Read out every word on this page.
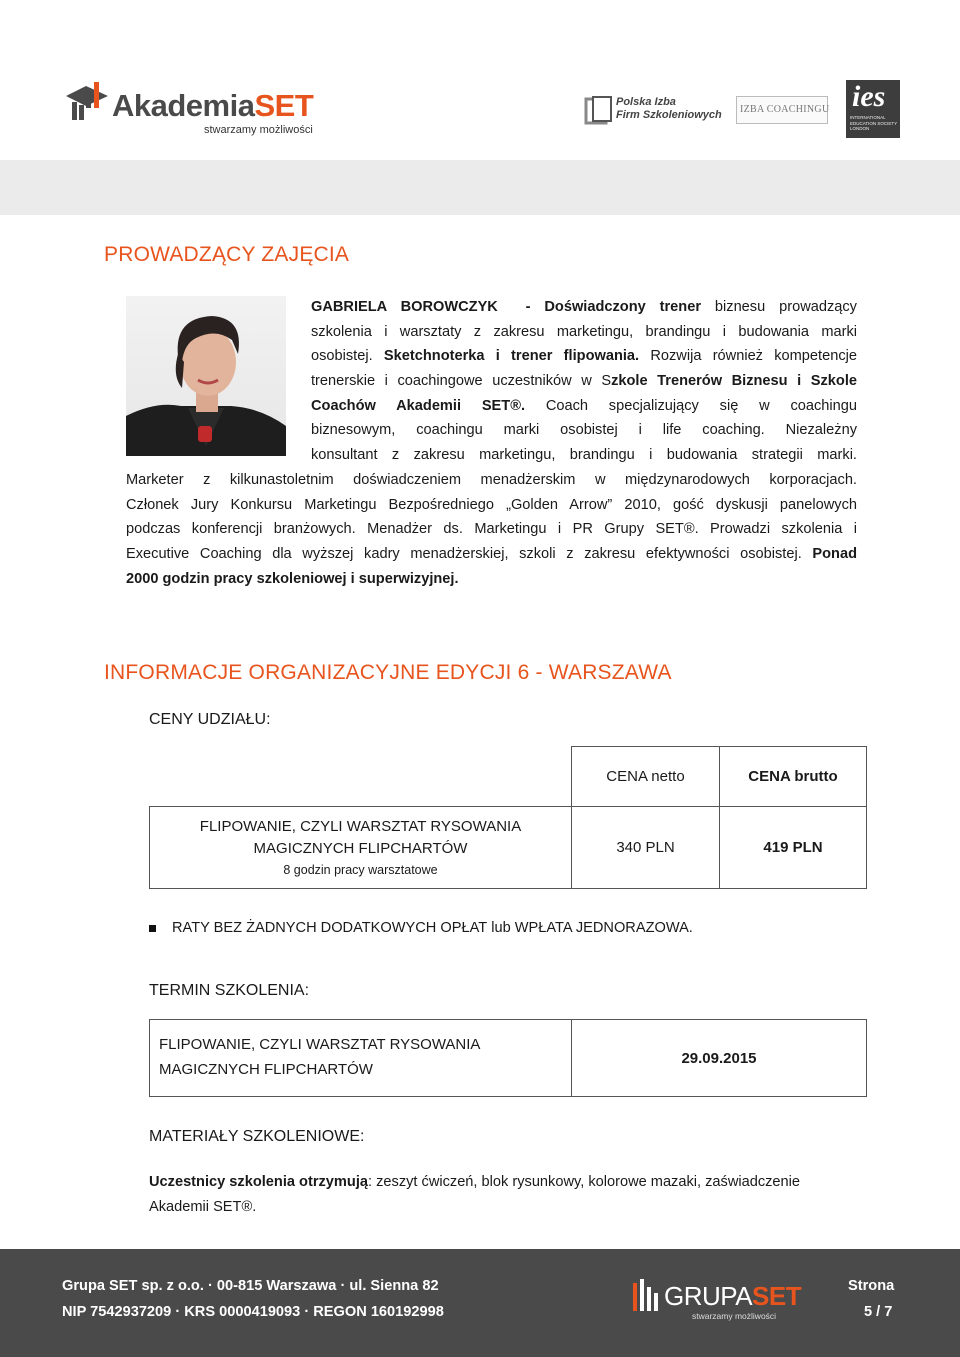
AkademiaSET
stwarzamy możliwości
Polska Izba
Firm Szkoleniowych IZBA COACHINGU ies
INTERNATIONAL EDUCATION SOCIETY LONDON
PROWADZĄCY ZAJĘCIA
GABRIELA BOROWCZYK  - Doświadczony trener biznesu prowadzący
szkolenia i warsztaty z zakresu marketingu, brandingu i budowania marki
osobistej. Sketchnoterka i trener flipowania. Rozwija również kompetencje
trenerskie i coachingowe uczestników w Szkole Trenerów Biznesu i Szkole
Coachów Akademii SET®. Coach specjalizujący się w coachingu
biznesowym, coachingu marki osobistej i life coaching. Niezależny
konsultant z zakresu marketingu, brandingu i budowania strategii marki.
Marketer z kilkunastoletnim doświadczeniem menadżerskim w międzynarodowych korporacjach.
Członek Jury Konkursu Marketingu Bezpośredniego „Golden Arrow” 2010, gość dyskusji panelowych
podczas konferencji branżowych. Menadżer ds. Marketingu i PR Grupy SET®. Prowadzi szkolenia i
Executive Coaching dla wyższej kadry menadżerskiej, szkoli z zakresu efektywności osobistej. Ponad
2000 godzin pracy szkoleniowej i superwizyjnej.
INFORMACJE ORGANIZACYJNE EDYCJI 6 - WARSZAWA
CENY UDZIAŁU:
CENA netto	CENA brutto
FLIPOWANIE, CZYLI WARSZTAT RYSOWANIA
MAGICZNYCH FLIPCHARTÓW
8 godzin pracy warsztatowe
340 PLN	419 PLN
RATY BEZ ŻADNYCH DODATKOWYCH OPŁAT lub WPŁATA JEDNORAZOWA.
TERMIN SZKOLENIA:
FLIPOWANIE, CZYLI WARSZTAT RYSOWANIA
MAGICZNYCH FLIPCHARTÓW
29.09.2015
MATERIAŁY SZKOLENIOWE:
Uczestnicy szkolenia otrzymują: zeszyt ćwiczeń, blok rysunkowy, kolorowe mazaki, zaświadczenie
Akademii SET®.
Grupa SET sp. z o.o. · 00-815 Warszawa · ul. Sienna 82
NIP 7542937209 · KRS 0000419093 · REGON 160192998
GRUPASET
stwarzamy możliwości
Strona
5 / 7
